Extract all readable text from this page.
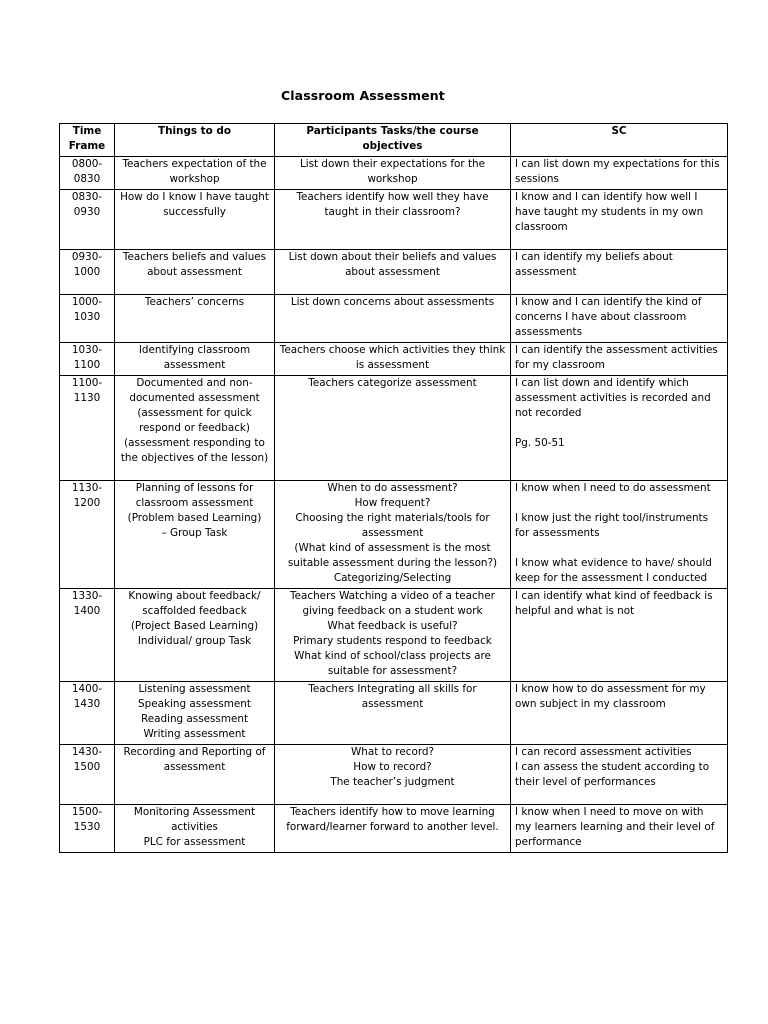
Classroom Assessment
Time Frame	Things to do	Participants Tasks/the course objectives	SC
0800-0830	Teachers expectation of the workshop	List down their expectations for the workshop	I can list down my expectations for this sessions

0830-0930	How do I know I have taught successfully	Teachers identify how well they have taught in their classroom?	I know and I can identify how well I have taught my students in my own classroom

0930-1000	Teachers beliefs and values about assessment	List down about their beliefs and values about assessment	I can identify my beliefs about assessment

1000-1030	Teachers’ concerns	List down concerns about assessments	I know and I can identify the kind of concerns I have about classroom assessments

1030-1100	Identifying classroom assessment	Teachers choose which activities they think is assessment	I can identify the assessment activities for my classroom

1100-1130	Documented and non-documented assessment
(assessment for quick respond or feedback)
(assessment responding to the objectives of the lesson)	Teachers categorize assessment	I can list down and identify which assessment activities is recorded and not recorded
Pg. 50-51

1130-1200	Planning of lessons for classroom assessment
(Problem based Learning)
– Group Task	When to do assessment?
How frequent?
Choosing the right materials/tools for assessment
(What kind of assessment is the most suitable assessment during the lesson?)
Categorizing/Selecting	I know when I need to do assessment
I know just the right tool/instruments for assessments
I know what evidence to have/ should keep for the assessment I conducted

1330-1400	Knowing about feedback/ scaffolded feedback
(Project Based Learning)
Individual/ group Task	Teachers Watching a video of a teacher giving feedback on a student work
What feedback is useful?
Primary students respond to feedback
What kind of school/class projects are suitable for assessment?	I can identify what kind of feedback is helpful and what is not

1400-1430	Listening assessment
Speaking assessment
Reading assessment
Writing assessment	Teachers Integrating all skills for assessment	I know how to do assessment for my own subject in my classroom

1430-1500	Recording and Reporting of assessment	What to record?
How to record?
The teacher’s judgment	I can record assessment activities
I can assess the student according to their level of performances

1500-1530	Monitoring Assessment activities
PLC for assessment	Teachers identify how to move learning forward/learner forward to another level.	I know when I need to move on with my learners learning and their level of performance
